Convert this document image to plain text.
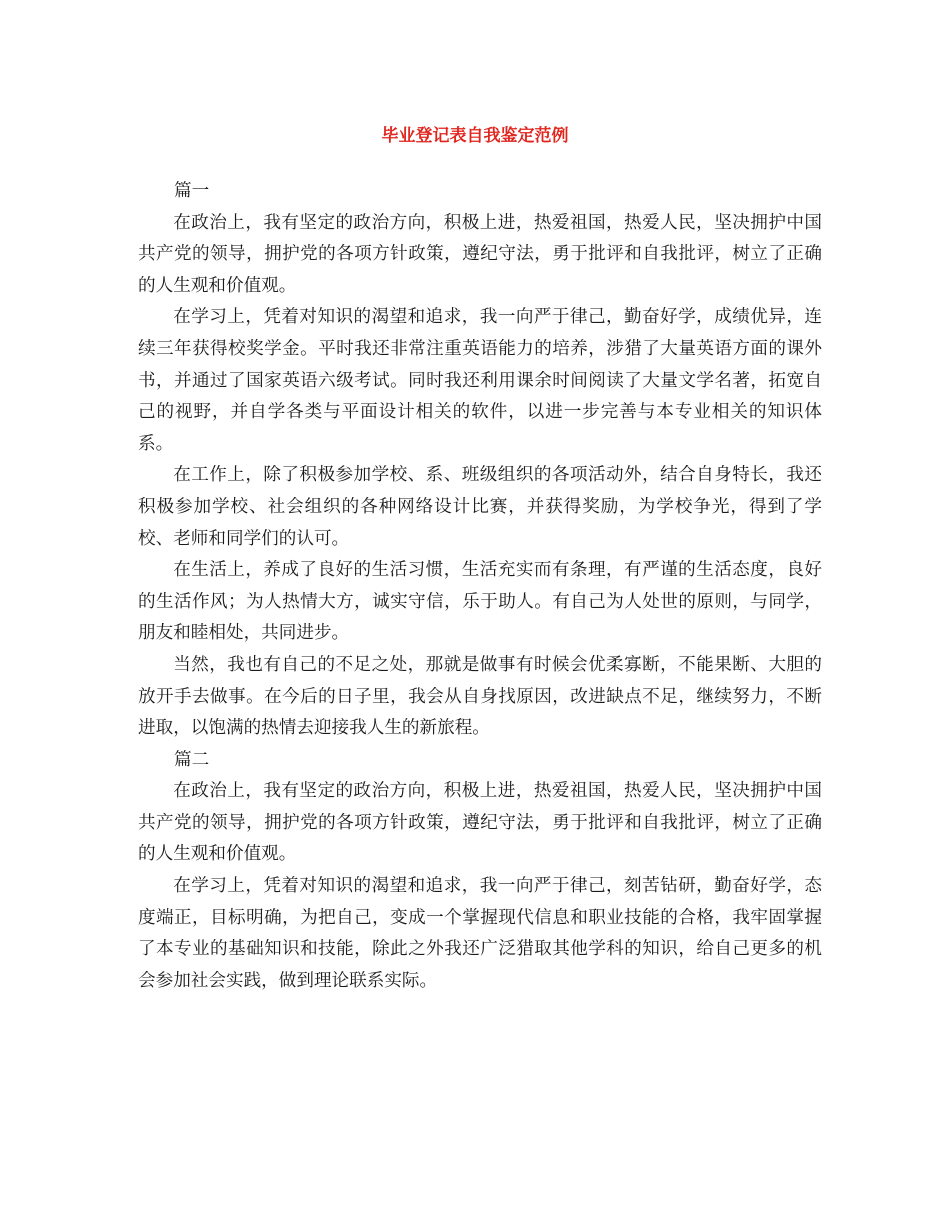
毕业登记表自我鉴定范例
篇一

在政治上，我有坚定的政治方向，积极上进，热爱祖国，热爱人民，坚决拥护中国共产党的领导，拥护党的各项方针政策，遵纪守法，勇于批评和自我批评，树立了正确的人生观和价值观。

在学习上，凭着对知识的渴望和追求，我一向严于律己，勤奋好学，成绩优异，连续三年获得校奖学金。平时我还非常注重英语能力的培养，涉猎了大量英语方面的课外书，并通过了国家英语六级考试。同时我还利用课余时间阅读了大量文学名著，拓宽自己的视野，并自学各类与平面设计相关的软件，以进一步完善与本专业相关的知识体系。

在工作上，除了积极参加学校、系、班级组织的各项活动外，结合自身特长，我还积极参加学校、社会组织的各种网络设计比赛，并获得奖励，为学校争光，得到了学校、老师和同学们的认可。

在生活上，养成了良好的生活习惯，生活充实而有条理，有严谨的生活态度，良好的生活作风；为人热情大方，诚实守信，乐于助人。有自己为人处世的原则，与同学，朋友和睦相处，共同进步。

当然，我也有自己的不足之处，那就是做事有时候会优柔寡断，不能果断、大胆的放开手去做事。在今后的日子里，我会从自身找原因，改进缺点不足，继续努力，不断进取，以饱满的热情去迎接我人生的新旅程。

篇二

在政治上，我有坚定的政治方向，积极上进，热爱祖国，热爱人民，坚决拥护中国共产党的领导，拥护党的各项方针政策，遵纪守法，勇于批评和自我批评，树立了正确的人生观和价值观。

在学习上，凭着对知识的渴望和追求，我一向严于律己，刻苦钻研，勤奋好学，态度端正，目标明确，为把自己，变成一个掌握现代信息和职业技能的合格，我牢固掌握了本专业的基础知识和技能，除此之外我还广泛猎取其他学科的知识，给自己更多的机会参加社会实践，做到理论联系实际。
